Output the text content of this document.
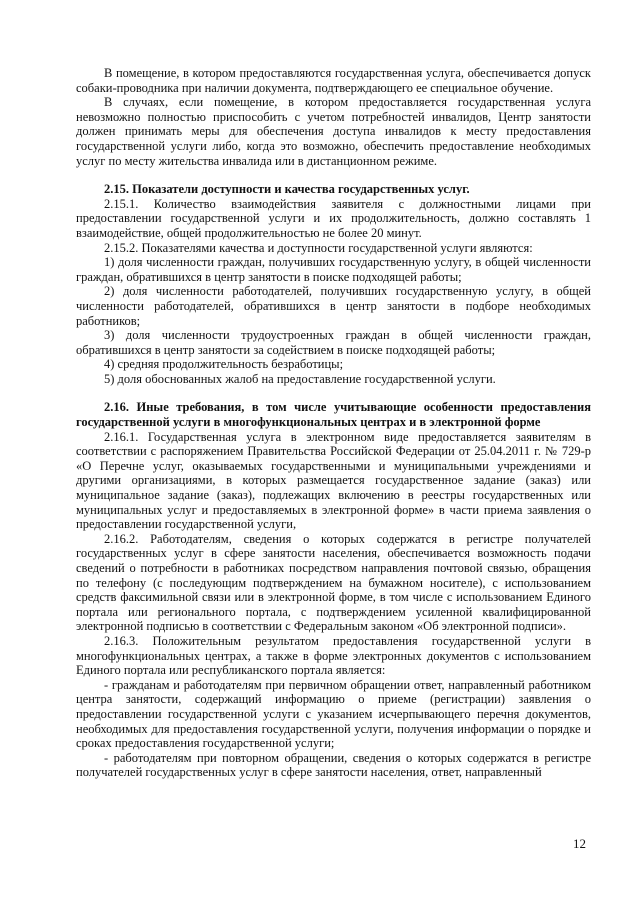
В помещение, в котором предоставляются государственная услуга, обеспечивается допуск собаки-проводника при наличии документа, подтверждающего ее специальное обучение.

В случаях, если помещение, в котором предоставляется государственная услуга невозможно полностью приспособить с учетом потребностей инвалидов, Центр занятости должен принимать меры для обеспечения доступа инвалидов к месту предоставления государственной услуги либо, когда это возможно, обеспечить предоставление необходимых услуг по месту жительства инвалида или в дистанционном режиме.

2.15. Показатели доступности и качества государственных услуг.

2.15.1. Количество взаимодействия заявителя с должностными лицами при предоставлении государственной услуги и их продолжительность, должно составлять 1 взаимодействие, общей продолжительностью не более 20 минут.

2.15.2. Показателями качества и доступности государственной услуги являются:

1) доля численности граждан, получивших государственную услугу, в общей численности граждан, обратившихся в центр занятости в поиске подходящей работы;

2) доля численности работодателей, получивших государственную услугу, в общей численности работодателей, обратившихся в центр занятости в подборе необходимых работников;

3) доля численности трудоустроенных граждан в общей численности граждан, обратившихся в центр занятости за содействием в поиске подходящей работы;

4) средняя продолжительность безработицы;

5) доля обоснованных жалоб на предоставление государственной услуги.

2.16. Иные требования, в том числе учитывающие особенности предоставления государственной услуги в многофункциональных центрах и в электронной форме

2.16.1. Государственная услуга в электронном виде предоставляется заявителям в соответствии с распоряжением Правительства Российской Федерации от 25.04.2011 г. № 729-р «О Перечне услуг, оказываемых государственными и муниципальными учреждениями и другими организациями, в которых размещается государственное задание (заказ) или муниципальное задание (заказ), подлежащих включению в реестры государственных или муниципальных услуг и предоставляемых в электронной форме» в части приема заявления о предоставлении государственной услуги,

2.16.2. Работодателям, сведения о которых содержатся в регистре получателей государственных услуг в сфере занятости населения, обеспечивается возможность подачи сведений о потребности в работниках посредством направления почтовой связью, обращения по телефону (с последующим подтверждением на бумажном носителе), с использованием средств факсимильной связи или в электронной форме, в том числе с использованием Единого портала или регионального портала, с подтверждением усиленной квалифицированной электронной подписью в соответствии с Федеральным законом «Об электронной подписи».

2.16.3. Положительным результатом предоставления государственной услуги в многофункциональных центрах, а также в форме электронных документов с использованием Единого портала или республиканского портала является:

- гражданам и работодателям при первичном обращении ответ, направленный работником центра занятости, содержащий информацию о приеме (регистрации) заявления о предоставлении государственной услуги с указанием исчерпывающего перечня документов, необходимых для предоставления государственной услуги, получения информации о порядке и сроках предоставления государственной услуги;

- работодателям при повторном обращении, сведения о которых содержатся в регистре получателей государственных услуг в сфере занятости населения, ответ, направленный

12
